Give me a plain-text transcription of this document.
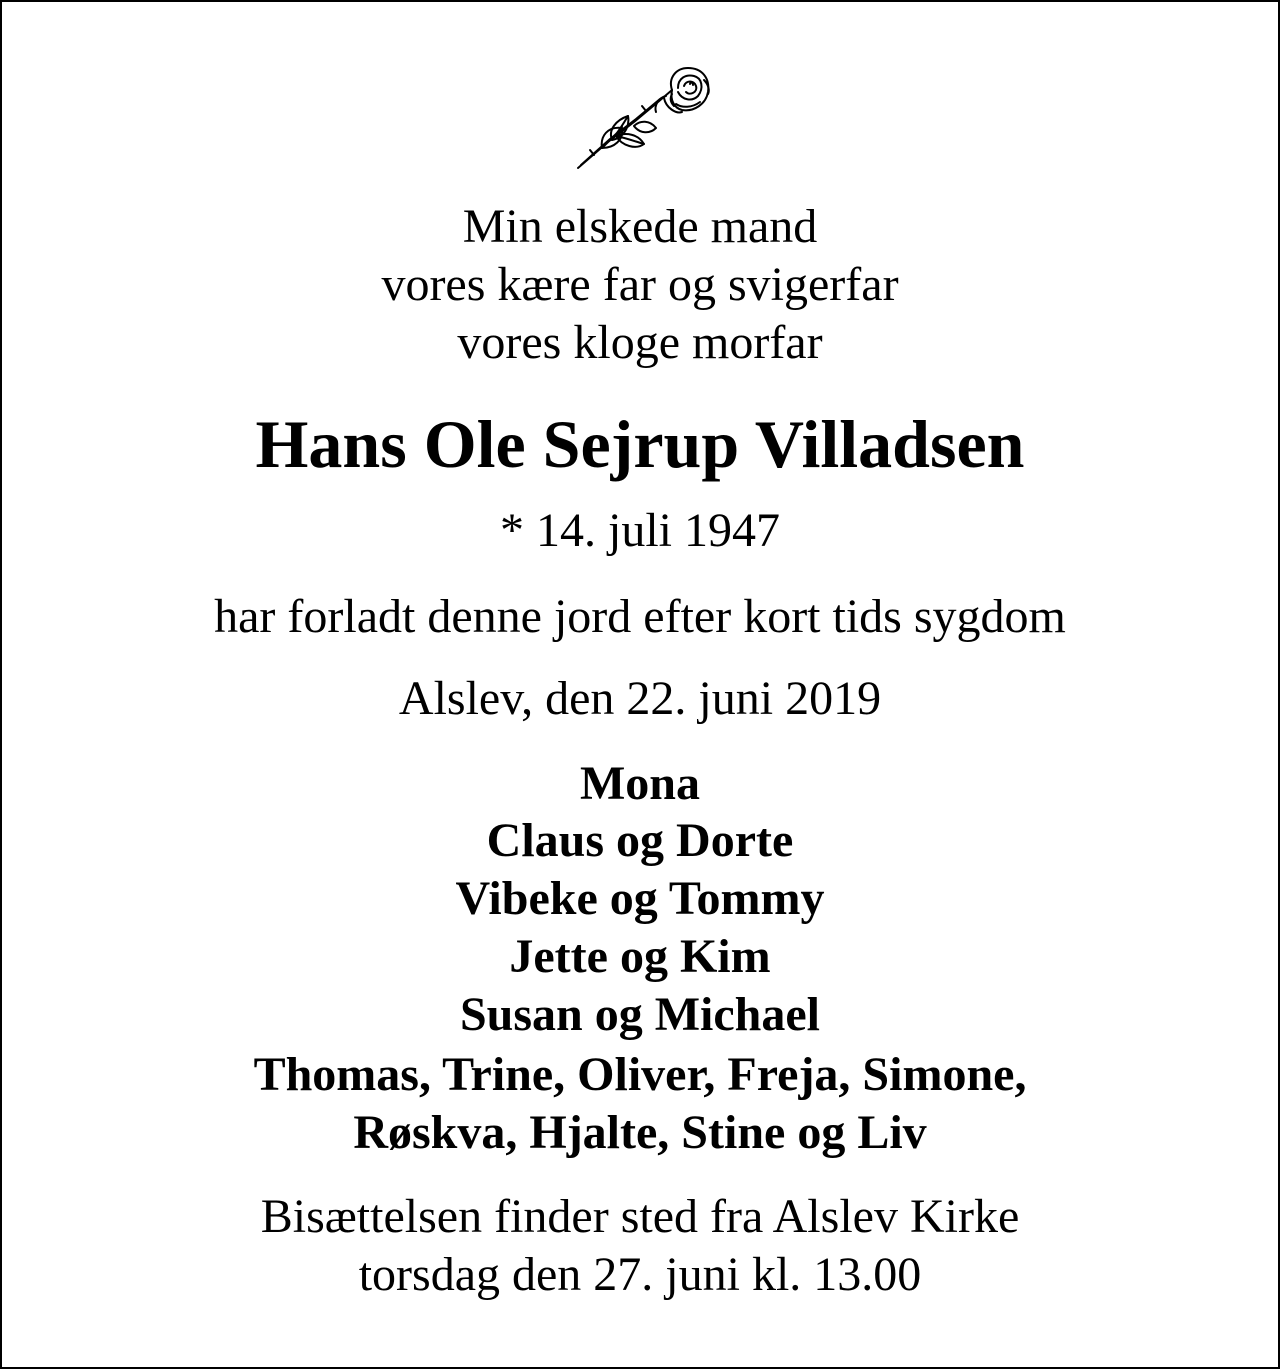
Min elskede mand
vores kære far og svigerfar
vores kloge morfar
Hans Ole Sejrup Villadsen
* 14. juli 1947
har forladt denne jord efter kort tids sygdom
Alslev, den 22. juni 2019
Mona
Claus og Dorte
Vibeke og Tommy
Jette og Kim
Susan og Michael
Thomas, Trine, Oliver, Freja, Simone,
Røskva, Hjalte, Stine og Liv
Bisættelsen finder sted fra Alslev Kirke
torsdag den 27. juni kl. 13.00
